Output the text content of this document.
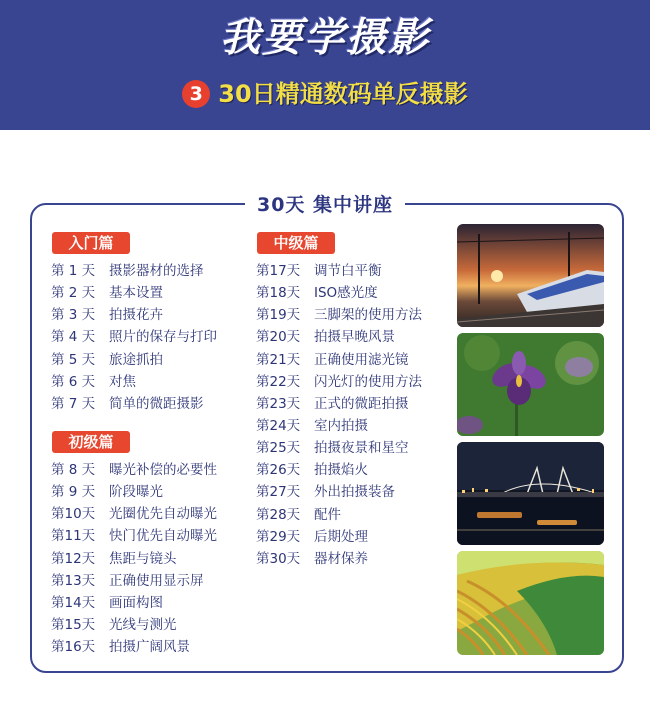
我要学摄影
3 30日精通数码单反摄影
30天 集中讲座
入门篇
第 1 天 摄影器材的选择
第 2 天 基本设置
第 3 天 拍摄花卉
第 4 天 照片的保存与打印
第 5 天 旅途抓拍
第 6 天 对焦
第 7 天 简单的微距摄影
初级篇
第 8 天 曝光补偿的必要性
第 9 天 阶段曝光
第10天 光圈优先自动曝光
第11天 快门优先自动曝光
第12天 焦距与镜头
第13天 正确使用显示屏
第14天 画面构图
第15天 光线与测光
第16天 拍摄广阔风景
中级篇
第17天 调节白平衡
第18天 ISO感光度
第19天 三脚架的使用方法
第20天 拍摄早晚风景
第21天 正确使用滤光镜
第22天 闪光灯的使用方法
第23天 正式的微距拍摄
第24天 室内拍摄
第25天 拍摄夜景和星空
第26天 拍摄焰火
第27天 外出拍摄装备
第28天 配件
第29天 后期处理
第30天 器材保养
